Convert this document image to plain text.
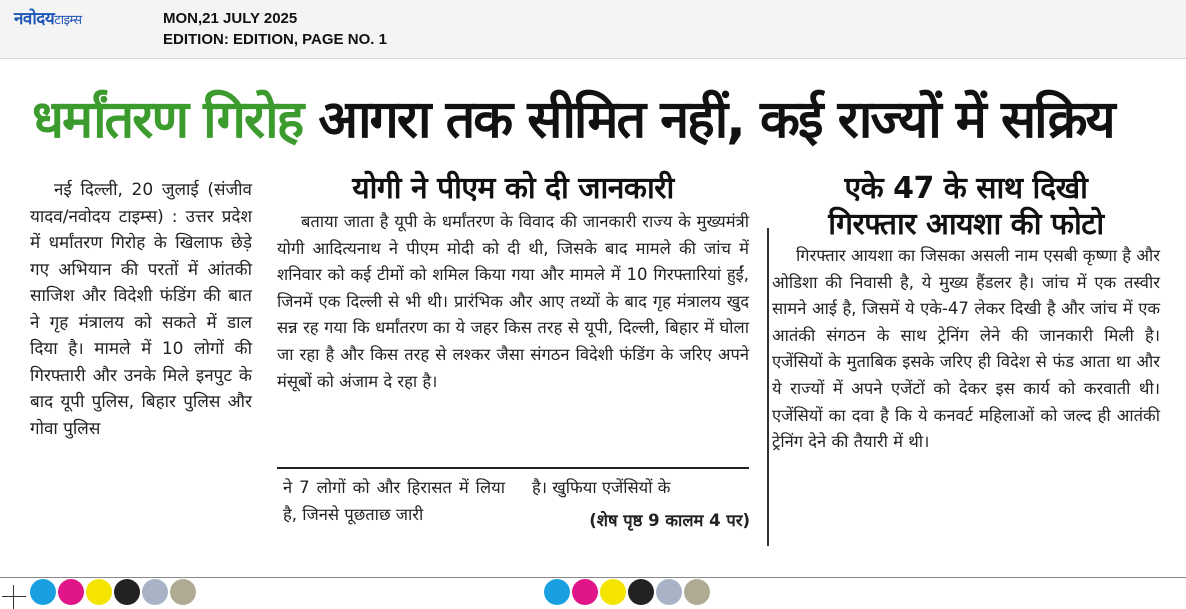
नवोदयटाइम्स	MON,21 JULY 2025
EDITION: EDITION, PAGE NO. 1
धर्मांतरण गिरोह आगरा तक सीमित नहीं, कई राज्यों में सक्रिय
नई दिल्ली, 20 जुलाई (संजीव यादव/नवोदय टाइम्स) : उत्तर प्रदेश में धर्मांतरण गिरोह के खिलाफ छेड़े गए अभियान की परतों में आंतकी साजिश और विदेशी फंडिंग की बात ने गृह मंत्रालय को सकते में डाल दिया है। मामले में 10 लोगों की गिरफ्तारी और उनके मिले इनपुट के बाद यूपी पुलिस, बिहार पुलिस और गोवा पुलिस
योगी ने पीएम को दी जानकारी
बताया जाता है यूपी के धर्मांतरण के विवाद की जानकारी राज्य के मुख्यमंत्री योगी आदित्यनाथ ने पीएम मोदी को दी थी, जिसके बाद मामले की जांच में शनिवार को कई टीमों को शमिल किया गया और मामले में 10 गिरफ्तारियां हुईं, जिनमें एक दिल्ली से भी थी। प्रारंभिक और आए तथ्यों के बाद गृह मंत्रालय खुद सन्न रह गया कि धर्मांतरण का ये जहर किस तरह से यूपी, दिल्ली, बिहार में घोला जा रहा है और किस तरह से लश्कर जैसा संगठन विदेशी फंडिंग के जरिए अपने मंसूबों को अंजाम दे रहा है।
ने 7 लोगों को और हिरासत में लिया है, जिनसे पूछताछ जारी
है। खुफिया एजेंसियों के
(शेष पृष्ठ 9 कालम 4 पर)
एके 47 के साथ दिखी
गिरफ्तार आयशा की फोटो
गिरफ्तार आयशा का जिसका असली नाम एसबी कृष्णा है और ओडिशा की निवासी है, ये मुख्य हैंडलर है। जांच में एक तस्वीर सामने आई है, जिसमें ये एके-47 लेकर दिखी है और जांच में एक आतंकी संगठन के साथ ट्रेनिंग लेने की जानकारी मिली है। एजेंसियों के मुताबिक इसके जरिए ही विदेश से फंड आता था और ये राज्यों में अपने एजेंटों को देकर इस कार्य को करवाती थी। एजेंसियों का दवा है कि ये कनवर्ट महिलाओं को जल्द ही आतंकी ट्रेनिंग देने की तैयारी में थी।
